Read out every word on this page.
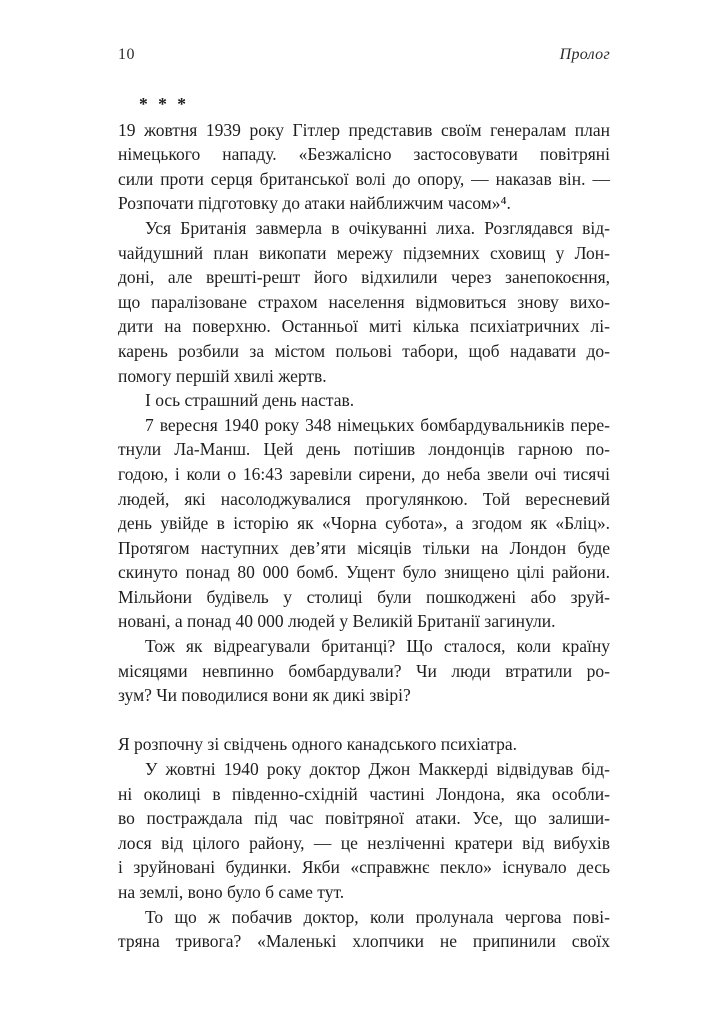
10	Пролог
* * *
19 жовтня 1939 року Гітлер представив своїм генералам план
німецького нападу. «Безжалісно застосовувати повітряні
сили проти серця британської волі до опору, — наказав він. —
Розпочати підготовку до атаки найближчим часом»⁴.
Уся Британія завмерла в очікуванні лиха. Розглядався від-
чайдушний план викопати мережу підземних сховищ у Лон-
доні, але врешті-решт його відхилили через занепокоєння,
що паралізоване страхом населення відмовиться знову вихо-
дити на поверхню. Останньої миті кілька психіатричних лі-
карень розбили за містом польові табори, щоб надавати до-
помогу першій хвилі жертв.
І ось страшний день настав.
7 вересня 1940 року 348 німецьких бомбардувальників пере-
тнули Ла-Манш. Цей день потішив лондонців гарною по-
годою, і коли о 16:43 заревіли сирени, до неба звели очі тисячі
людей, які насолоджувалися прогулянкою. Той вересневий
день увійде в історію як «Чорна субота», а згодом як «Бліц».
Протягом наступних дев’яти місяців тільки на Лондон буде
скинуто понад 80 000 бомб. Ущент було знищено цілі райони.
Мільйони будівель у столиці були пошкоджені або зруй-
новані, а понад 40 000 людей у Великій Британії загинули.
Тож як відреагували британці? Що сталося, коли країну
місяцями невпинно бомбардували? Чи люди втратили ро-
зум? Чи поводилися вони як дикі звірі?
Я розпочну зі свідчень одного канадського психіатра.
У жовтні 1940 року доктор Джон Маккерді відвідував бід-
ні околиці в південно-східній частині Лондона, яка особли-
во постраждала під час повітряної атаки. Усе, що залиши-
лося від цілого району, — це незліченні кратери від вибухів
і зруйновані будинки. Якби «справжнє пекло» існувало десь
на землі, воно було б саме тут.
То що ж побачив доктор, коли пролунала чергова пові-
тряна тривога? «Маленькі хлопчики не припинили своїх
